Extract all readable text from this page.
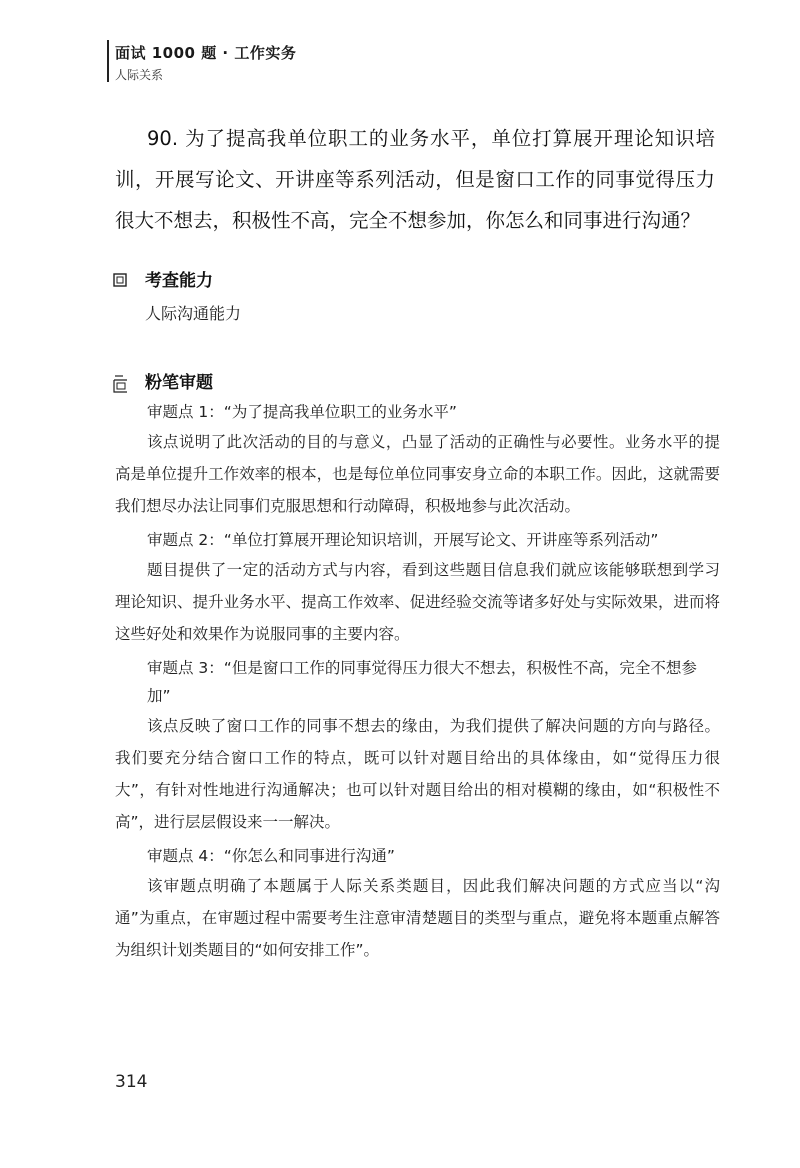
面试 1000 题 · 工作实务
人际关系
90. 为了提高我单位职工的业务水平，单位打算展开理论知识培训，开展写论文、开讲座等系列活动，但是窗口工作的同事觉得压力很大不想去，积极性不高，完全不想参加，你怎么和同事进行沟通？
考查能力
人际沟通能力
粉笔审题

审题点 1：“为了提高我单位职工的业务水平”

该点说明了此次活动的目的与意义，凸显了活动的正确性与必要性。业务水平的提高是单位提升工作效率的根本，也是每位单位同事安身立命的本职工作。因此，这就需要我们想尽办法让同事们克服思想和行动障碍，积极地参与此次活动。

审题点 2：“单位打算展开理论知识培训，开展写论文、开讲座等系列活动”

题目提供了一定的活动方式与内容，看到这些题目信息我们就应该能够联想到学习理论知识、提升业务水平、提高工作效率、促进经验交流等诸多好处与实际效果，进而将这些好处和效果作为说服同事的主要内容。

审题点 3：“但是窗口工作的同事觉得压力很大不想去，积极性不高，完全不想参加”

该点反映了窗口工作的同事不想去的缘由，为我们提供了解决问题的方向与路径。我们要充分结合窗口工作的特点，既可以针对题目给出的具体缘由，如“觉得压力很大”，有针对性地进行沟通解决；也可以针对题目给出的相对模糊的缘由，如“积极性不高”，进行层层假设来一一解决。

审题点 4：“你怎么和同事进行沟通”

该审题点明确了本题属于人际关系类题目，因此我们解决问题的方式应当以“沟通”为重点，在审题过程中需要考生注意审清楚题目的类型与重点，避免将本题重点解答为组织计划类题目的“如何安排工作”。

314
